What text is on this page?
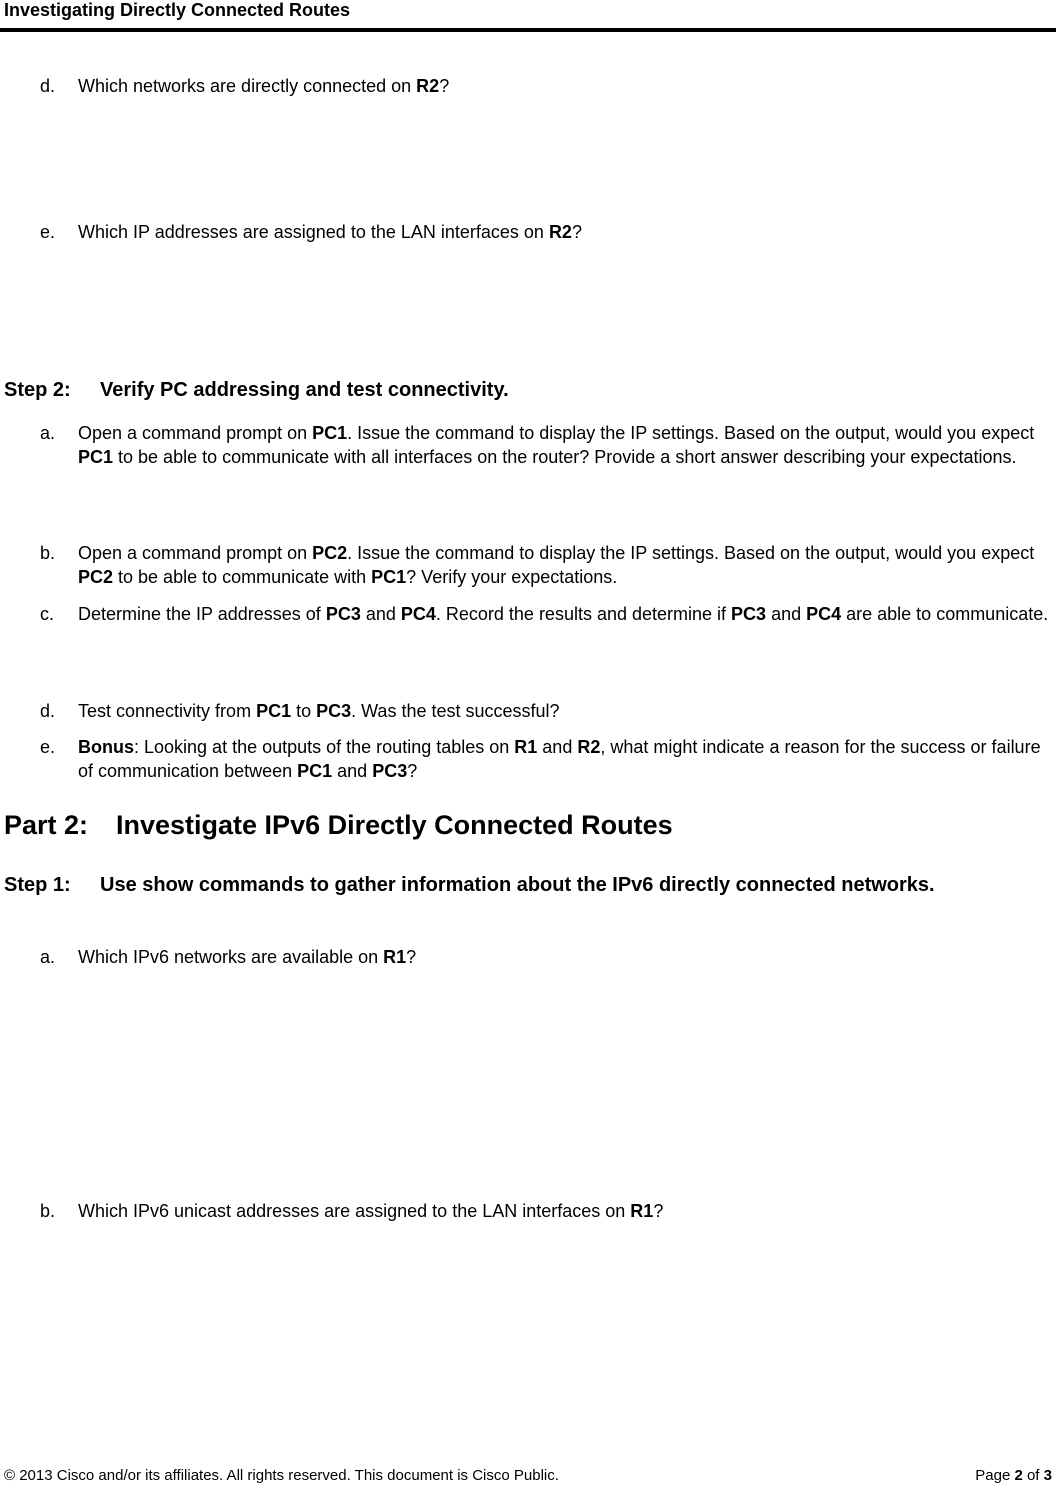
Investigating Directly Connected Routes
d. Which networks are directly connected on R2?
e. Which IP addresses are assigned to the LAN interfaces on R2?
Step 2: Verify PC addressing and test connectivity.
a. Open a command prompt on PC1. Issue the command to display the IP settings. Based on the output, would you expect PC1 to be able to communicate with all interfaces on the router? Provide a short answer describing your expectations.
b. Open a command prompt on PC2. Issue the command to display the IP settings. Based on the output, would you expect PC2 to be able to communicate with PC1? Verify your expectations.
c. Determine the IP addresses of PC3 and PC4. Record the results and determine if PC3 and PC4 are able to communicate.
d. Test connectivity from PC1 to PC3. Was the test successful?
e. Bonus: Looking at the outputs of the routing tables on R1 and R2, what might indicate a reason for the success or failure of communication between PC1 and PC3?
Part 2: Investigate IPv6 Directly Connected Routes
Step 1: Use show commands to gather information about the IPv6 directly connected networks.
a. Which IPv6 networks are available on R1?
b. Which IPv6 unicast addresses are assigned to the LAN interfaces on R1?
© 2013 Cisco and/or its affiliates. All rights reserved. This document is Cisco Public.	Page 2 of 3
